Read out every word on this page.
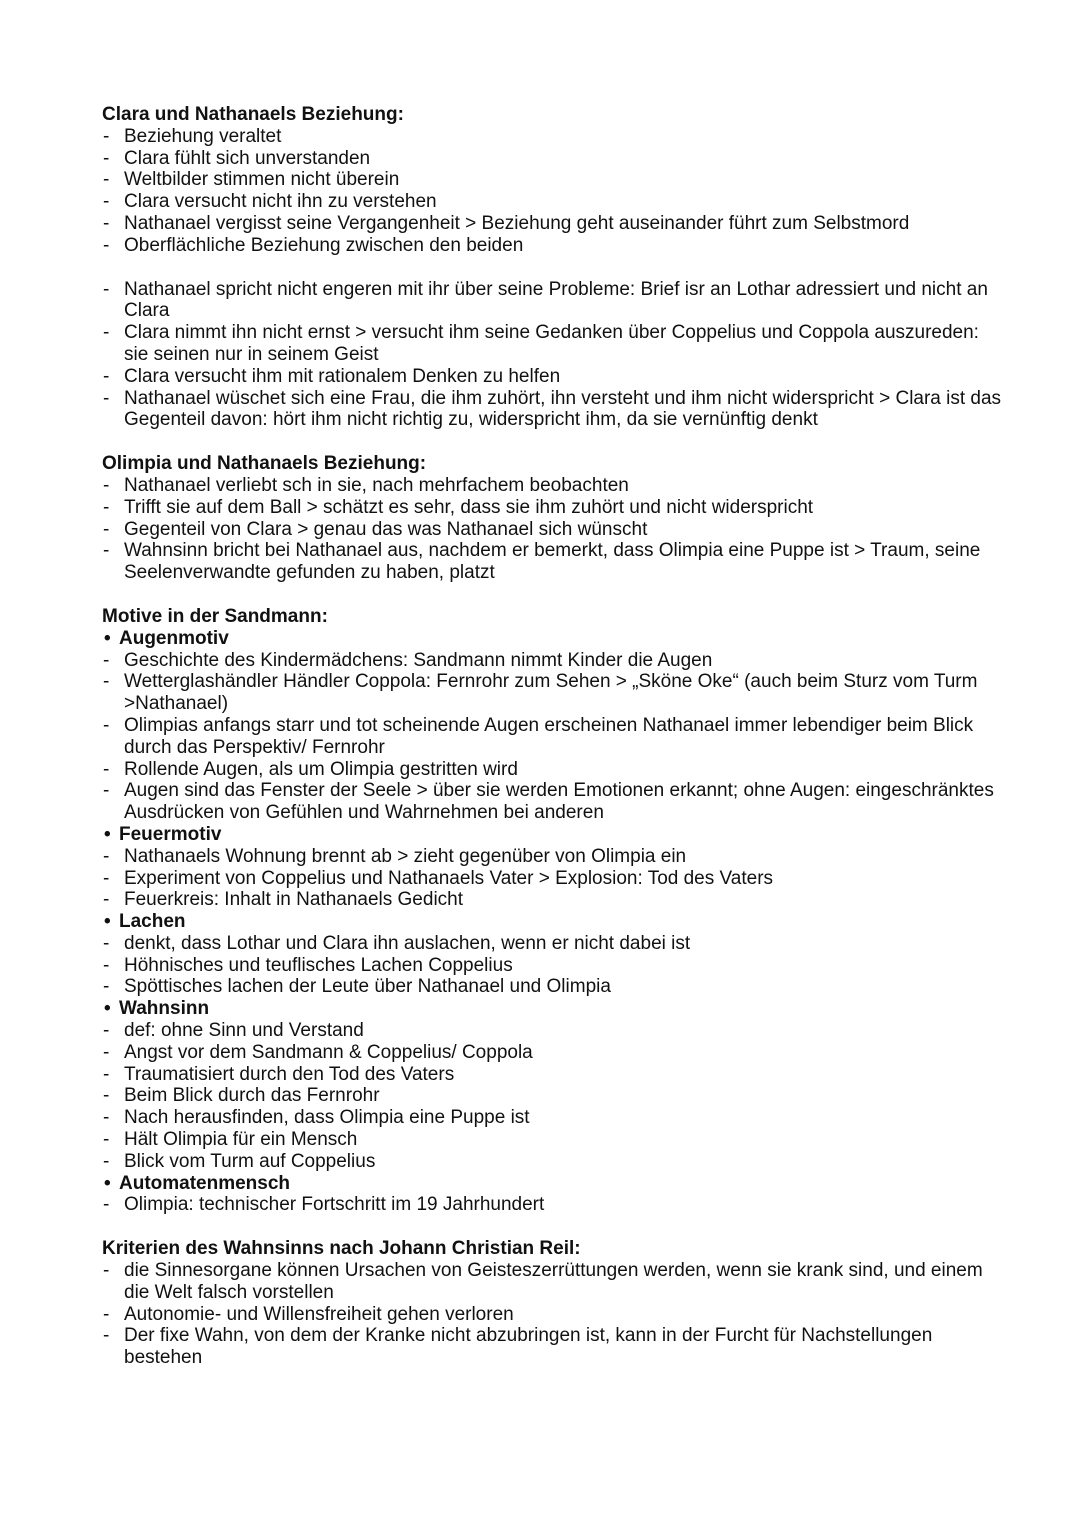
Clara und Nathanaels Beziehung:
Beziehung veraltet
Clara fühlt sich unverstanden
Weltbilder stimmen nicht überein
Clara versucht nicht ihn zu verstehen
Nathanael vergisst seine Vergangenheit > Beziehung geht auseinander führt zum Selbstmord
Oberflächliche Beziehung zwischen den beiden
Nathanael spricht nicht engeren mit ihr über seine Probleme: Brief isr an Lothar adressiert und nicht an Clara
Clara nimmt ihn nicht ernst > versucht ihm seine Gedanken über Coppelius und Coppola auszureden: sie seinen nur in seinem Geist
Clara versucht ihm mit rationalem Denken zu helfen
Nathanael wüschet sich eine Frau, die ihm zuhört, ihn versteht und ihm nicht widerspricht > Clara ist das Gegenteil davon: hört ihm nicht richtig zu, widerspricht ihm, da sie vernünftig denkt
Olimpia und Nathanaels Beziehung:
Nathanael verliebt sch in sie, nach mehrfachem beobachten
Trifft sie auf dem Ball > schätzt es sehr, dass sie ihm zuhört und nicht widerspricht
Gegenteil von Clara > genau das was Nathanael sich wünscht
Wahnsinn bricht bei Nathanael aus, nachdem er bemerkt, dass Olimpia eine Puppe ist > Traum, seine Seelenverwandte gefunden zu haben, platzt
Motive in der Sandmann:
Augenmotiv
Geschichte des Kindermädchens: Sandmann nimmt Kinder die Augen
Wetterglashändler Händler Coppola: Fernrohr zum Sehen > „Sköne Oke“ (auch beim Sturz vom Turm >Nathanael)
Olimpias anfangs starr und tot scheinende Augen erscheinen Nathanael immer lebendiger beim Blick durch das Perspektiv/ Fernrohr
Rollende Augen, als um Olimpia gestritten wird
Augen sind das Fenster der Seele > über sie werden Emotionen erkannt; ohne Augen: eingeschränktes Ausdrücken von Gefühlen und Wahrnehmen bei anderen
Feuermotiv
Nathanaels Wohnung brennt ab > zieht gegenüber von Olimpia ein
Experiment von Coppelius und Nathanaels Vater > Explosion: Tod des Vaters
Feuerkreis: Inhalt in Nathanaels Gedicht
Lachen
denkt, dass Lothar und Clara ihn auslachen, wenn er nicht dabei ist
Höhnisches und teuflisches Lachen Coppelius
Spöttisches lachen der Leute über Nathanael und Olimpia
Wahnsinn
def: ohne Sinn und Verstand
Angst vor dem Sandmann & Coppelius/ Coppola
Traumatisiert durch den Tod des Vaters
Beim Blick durch das Fernrohr
Nach herausfinden, dass Olimpia eine Puppe ist
Hält Olimpia für ein Mensch
Blick vom Turm auf Coppelius
Automatenmensch
Olimpia: technischer Fortschritt im 19 Jahrhundert
Kriterien des Wahnsinns nach Johann Christian Reil:
die Sinnesorgane können Ursachen von Geisteszerrüttungen werden, wenn sie krank sind, und einem die Welt falsch vorstellen
Autonomie- und Willensfreiheit gehen verloren
Der fixe Wahn, von dem der Kranke nicht abzubringen ist, kann in der Furcht für Nachstellungen bestehen
